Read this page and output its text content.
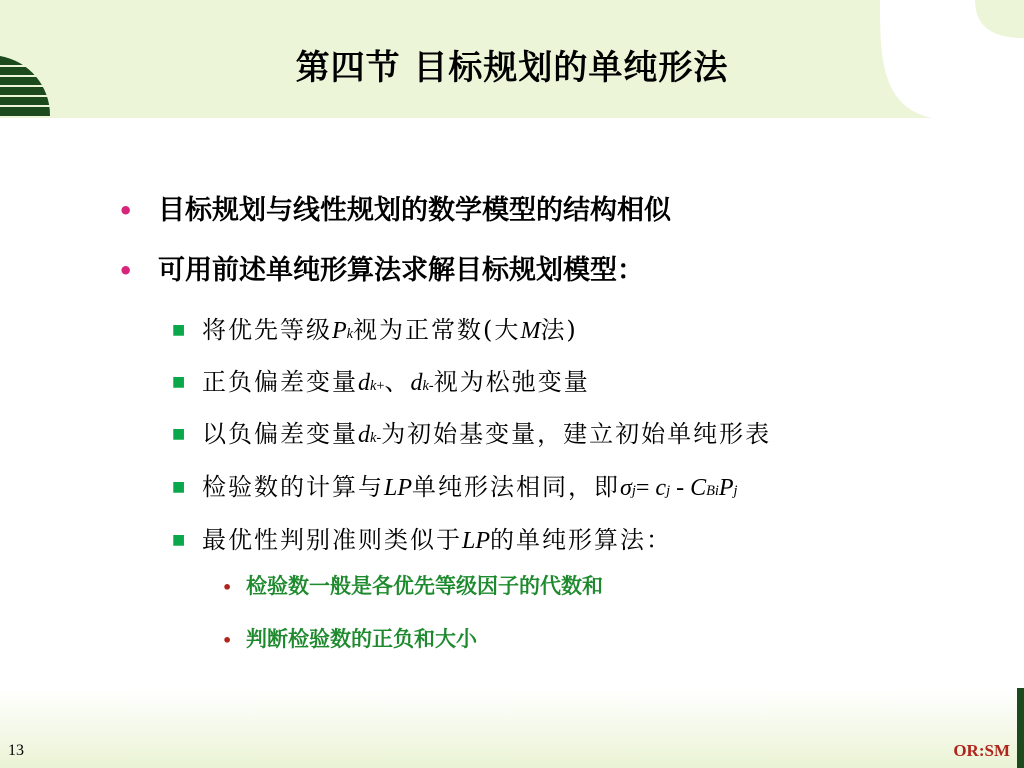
第四节 目标规划的单纯形法
• 目标规划与线性规划的数学模型的结构相似
• 可用前述单纯形算法求解目标规划模型：
■ 将优先等级 P k 视为正常数(大 M 法)
■ 正负偏差变量 d k + 、 d k - 视为松弛变量
■ 以负偏差变量 d k - 为初始基变量，建立初始单纯形表
■ 检验数的计算与 LP 单纯形法相同，即 σ j =
c j
-
C Bi P j
■ 最优性判别准则类似于 LP 的单纯形算法：
• 检验数一般是各优先等级因子的代数和
• 判断检验数的正负和大小
13	OR:SM
